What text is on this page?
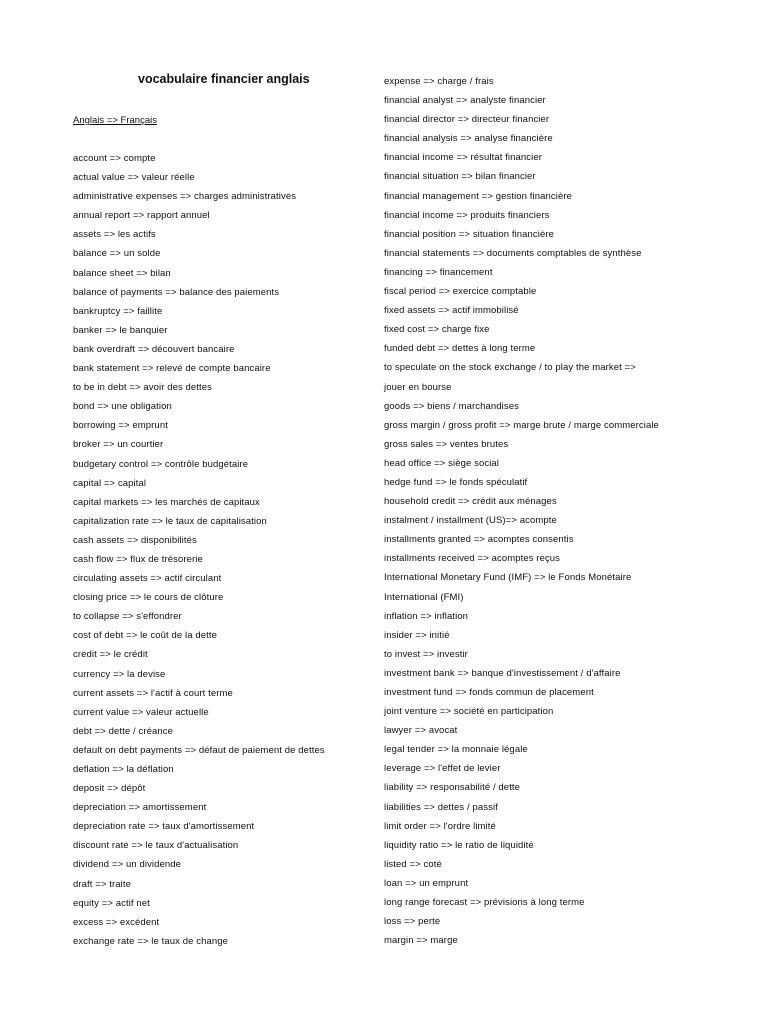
vocabulaire financier anglais
Anglais => Français
account => compte
actual value => valeur réelle
administrative expenses => charges administratives
annual report => rapport annuel
assets => les actifs
balance => un solde
balance sheet => bilan
balance of payments => balance des paiements
bankruptcy => faillite
banker => le banquier
bank overdraft => découvert bancaire
bank statement => relevé de compte bancaire
to be in debt => avoir des dettes
bond => une obligation
borrowing => emprunt
broker => un courtier
budgetary control => contrôle budgétaire
capital => capital
capital markets => les marchés de capitaux
capitalization rate => le taux de capitalisation
cash assets => disponibilités
cash flow => flux de trésorerie
circulating assets => actif circulant
closing price => le cours de clôture
to collapse => s'effondrer
cost of debt => le coût de la dette
credit => le crédit
currency => la devise
current assets => l'actif à court terme
current value => valeur actuelle
debt => dette / créance
default on debt payments => défaut de paiement de dettes
deflation => la déflation
deposit => dépôt
depreciation => amortissement
depreciation rate => taux d'amortissement
discount rate => le taux d'actualisation
dividend => un dividende
draft => traite
equity => actif net
excess => excédent
exchange rate => le taux de change
expense => charge / frais
financial analyst => analyste financier
financial director => directeur financier
financial analysis => analyse financière
financial income => résultat financier
financial situation => bilan financier
financial management => gestion financière
financial income => produits financiers
financial position => situation financière
financial statements => documents comptables de synthèse
financing => financement
fiscal period => exercice comptable
fixed assets => actif immobilisé
fixed cost => charge fixe
funded debt => dettes à long terme
to speculate on the stock exchange / to play the market =>
jouer en bourse
goods => biens / marchandises
gross margin / gross profit => marge brute / marge commerciale
gross sales => ventes brutes
head office => siège social
hedge fund => le fonds spéculatif
household credit => crédit aux ménages
instalment / installment (US)=> acompte
installments granted => acomptes consentis
installments received => acomptes reçus
International Monetary Fund (IMF) => le Fonds Monétaire
International (FMI)
inflation => inflation
insider => initié
to invest => investir
investment bank => banque d'investissement / d'affaire
investment fund => fonds commun de placement
joint venture => société en participation
lawyer => avocat
legal tender => la monnaie légale
leverage => l'effet de levier
liability => responsabilité / dette
liabilities => dettes / passif
limit order => l'ordre limité
liquidity ratio => le ratio de liquidité
listed => coté
loan => un emprunt
long range forecast => prévisions à long terme
loss => perte
margin => marge
